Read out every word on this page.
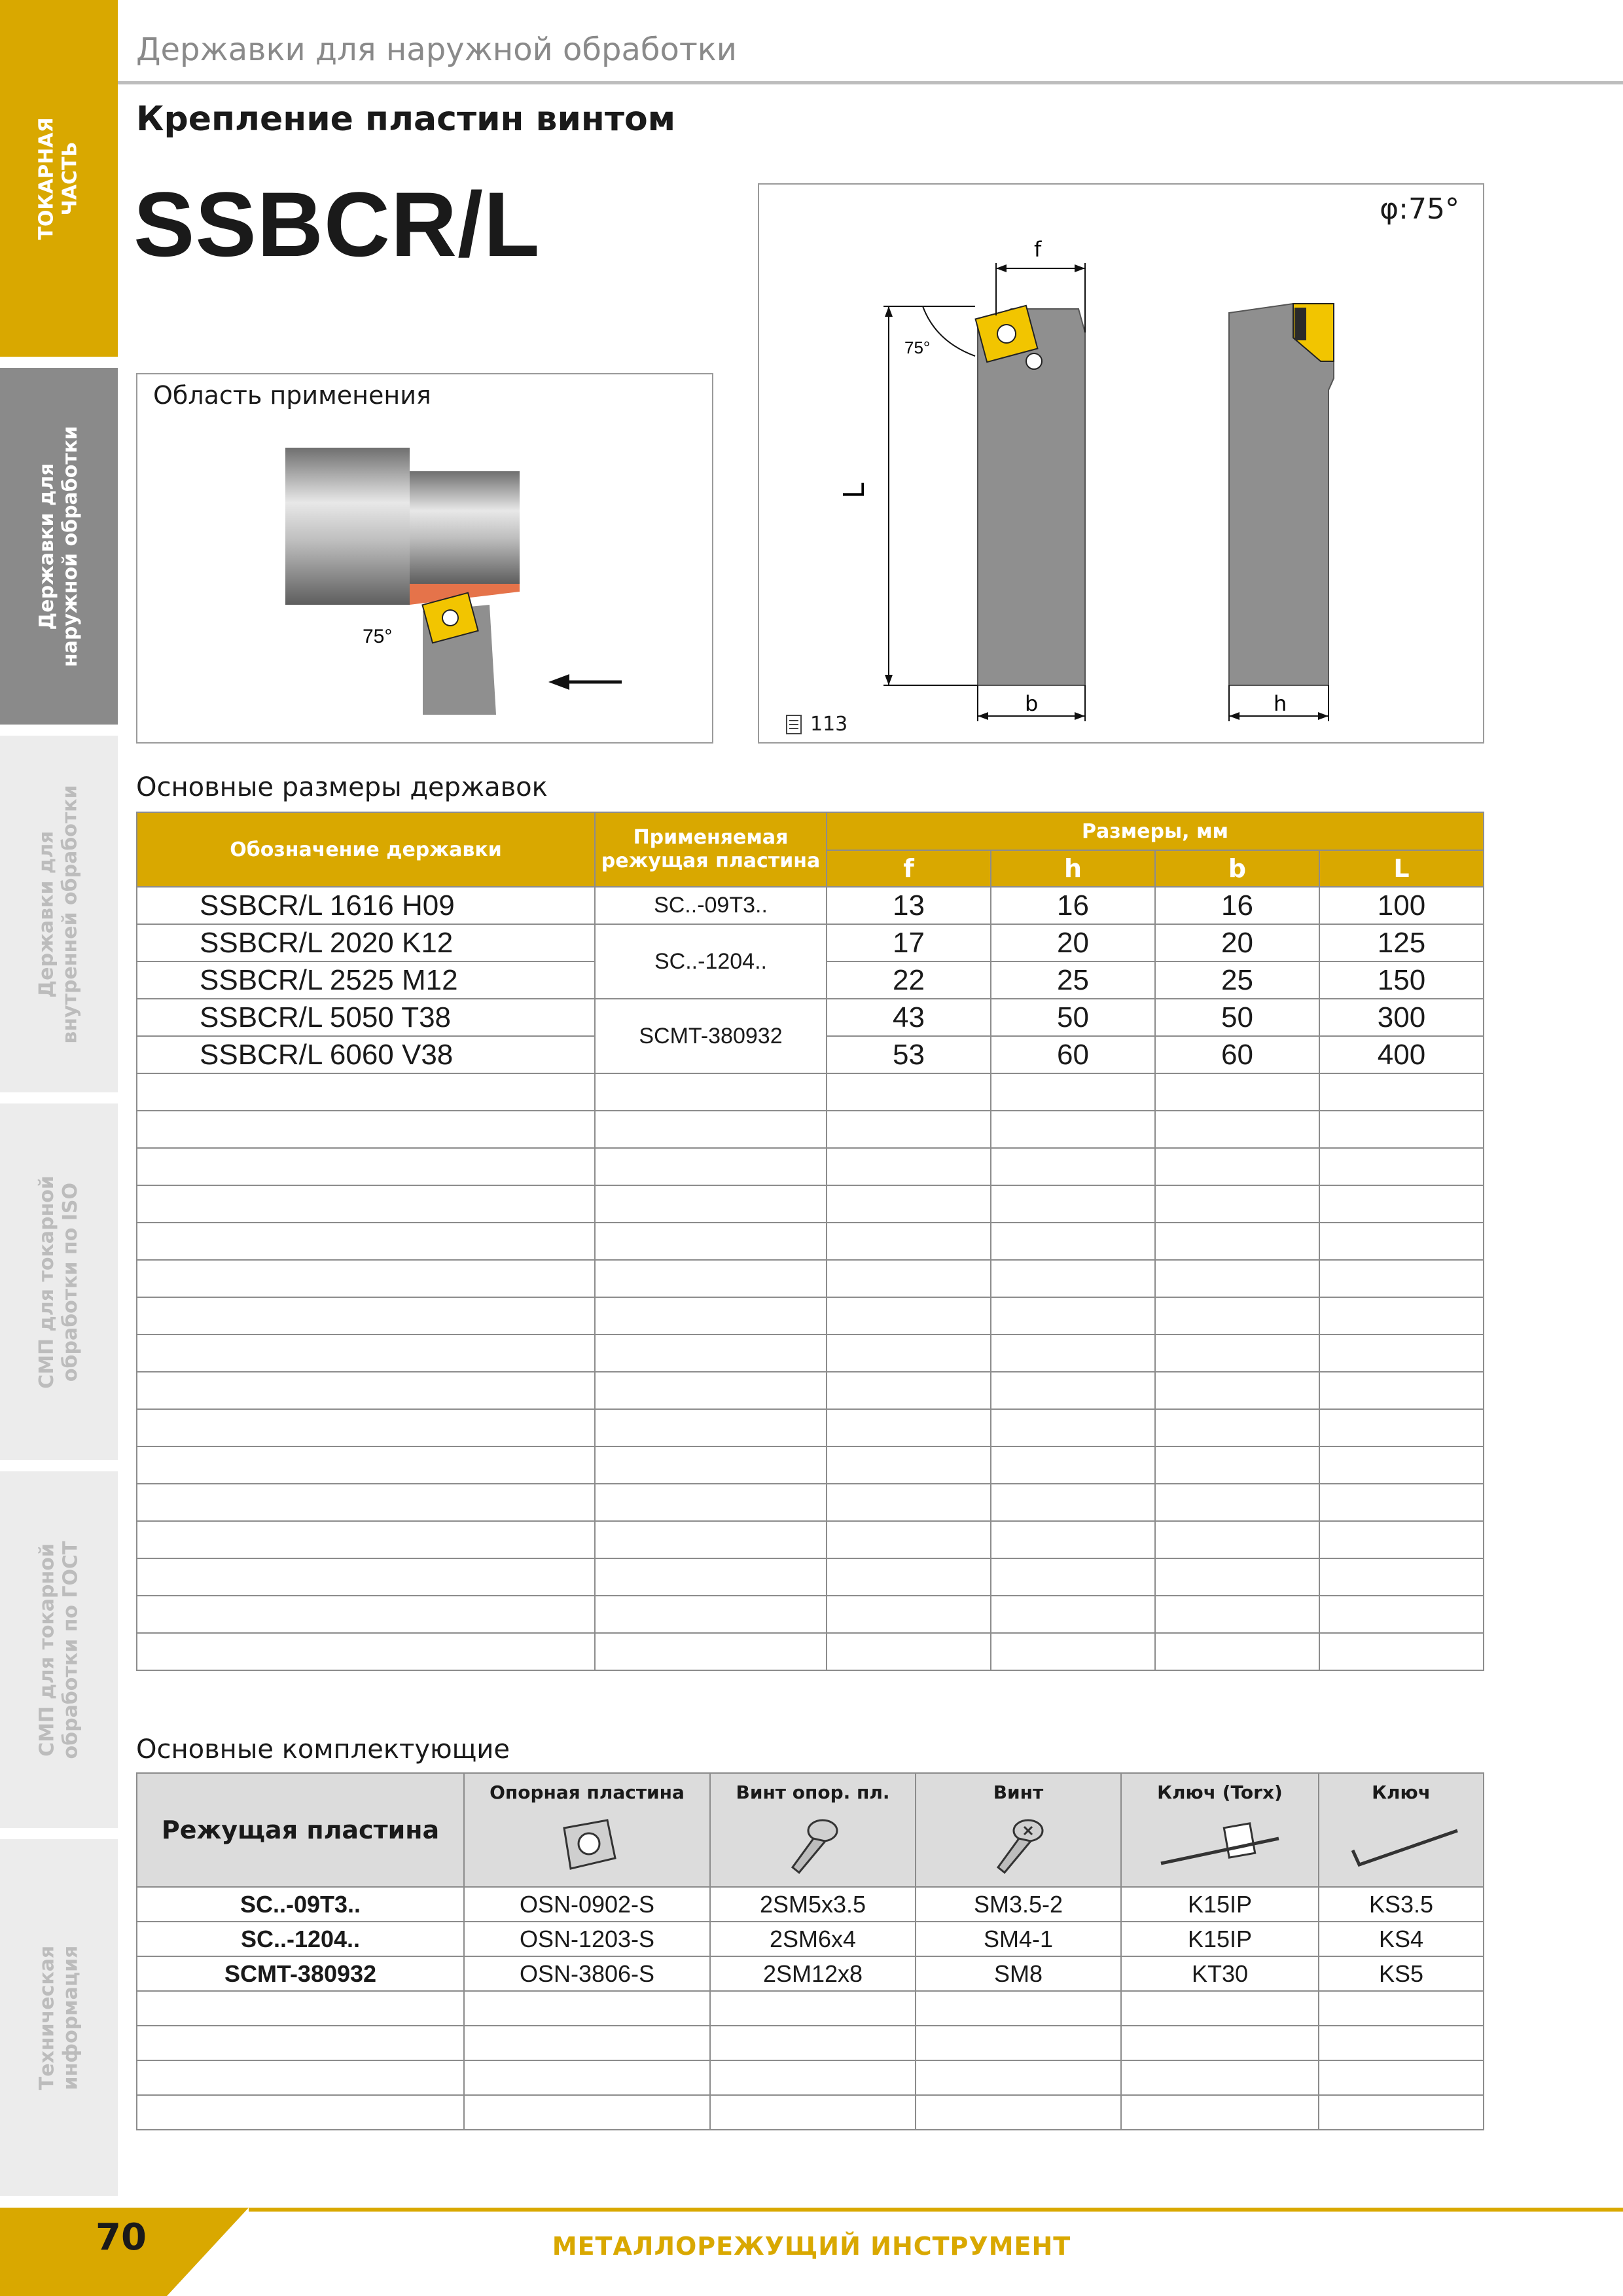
ТОКАРНАЯ
ЧАСТЬ
Державки для
наружной обработки
Державки для
внутренней обработки
СМП для токарной
обработки по ISO
СМП для токарной
обработки по ГОСТ
Техническая
информация
Державки для наружной обработки
Крепление пластин винтом
SSBCR/L
Область применения
75°
φ:75°
f
L
75°
b	h
113
Основные размеры державок
Обозначение державки	Применяемая режущая пластина	Размеры, мм			
		f	h	b	L
SSBCR/L 1616 H09	SC..-09T3..	13	16	16	100
SSBCR/L 2020 K12	SC..-1204..	17	20	20	125
SSBCR/L 2525 M12		22	25	25	150
SSBCR/L 5050 T38	SCMT-380932	43	50	50	300
SSBCR/L 6060 V38		53	60	60	400

Основные комплектующие
Режущая пластина	Опорная пластина	Винт опор. пл.	Винт	Ключ (Torx)	Ключ

SC..-09T3..	OSN-0902-S	2SM5x3.5	SM3.5-2	K15IP	KS3.5
SC..-1204..	OSN-1203-S	2SM6x4	SM4-1	K15IP	KS4
SCMT-380932	OSN-3806-S	2SM12x8	SM8	KT30	KS5

70	МЕТАЛЛОРЕЖУЩИЙ ИНСТРУМЕНТ
